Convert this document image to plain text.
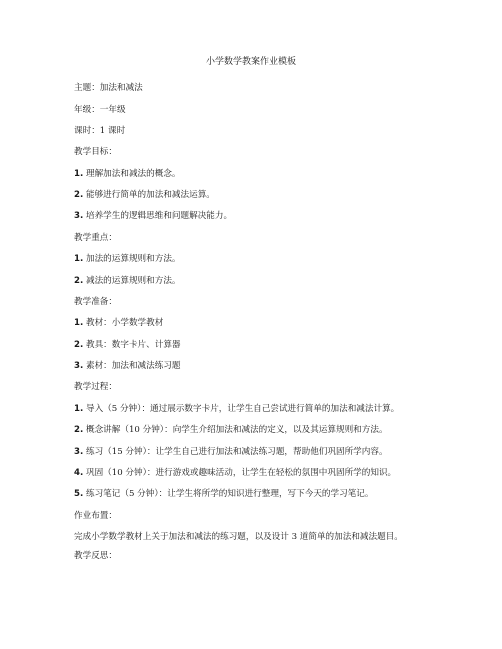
小学数学教案作业模板
主题：加法和减法
年级：一年级
课时：1 课时
教学目标：
1. 理解加法和减法的概念。
2. 能够进行简单的加法和减法运算。
3. 培养学生的逻辑思维和问题解决能力。
教学重点：
1. 加法的运算规则和方法。
2. 减法的运算规则和方法。
教学准备：
1. 教材：小学数学教材
2. 教具：数字卡片、计算器
3. 素材：加法和减法练习题
教学过程：
1. 导入（5 分钟）：通过展示数字卡片，让学生自己尝试进行简单的加法和减法计算。
2. 概念讲解（10 分钟）：向学生介绍加法和减法的定义，以及其运算规则和方法。
3. 练习（15 分钟）：让学生自己进行加法和减法练习题，帮助他们巩固所学内容。
4. 巩固（10 分钟）：进行游戏或趣味活动，让学生在轻松的氛围中巩固所学的知识。
5. 练习笔记（5 分钟）：让学生将所学的知识进行整理，写下今天的学习笔记。
作业布置：
完成小学数学教材上关于加法和减法的练习题，以及设计 3 道简单的加法和减法题目。
教学反思：
